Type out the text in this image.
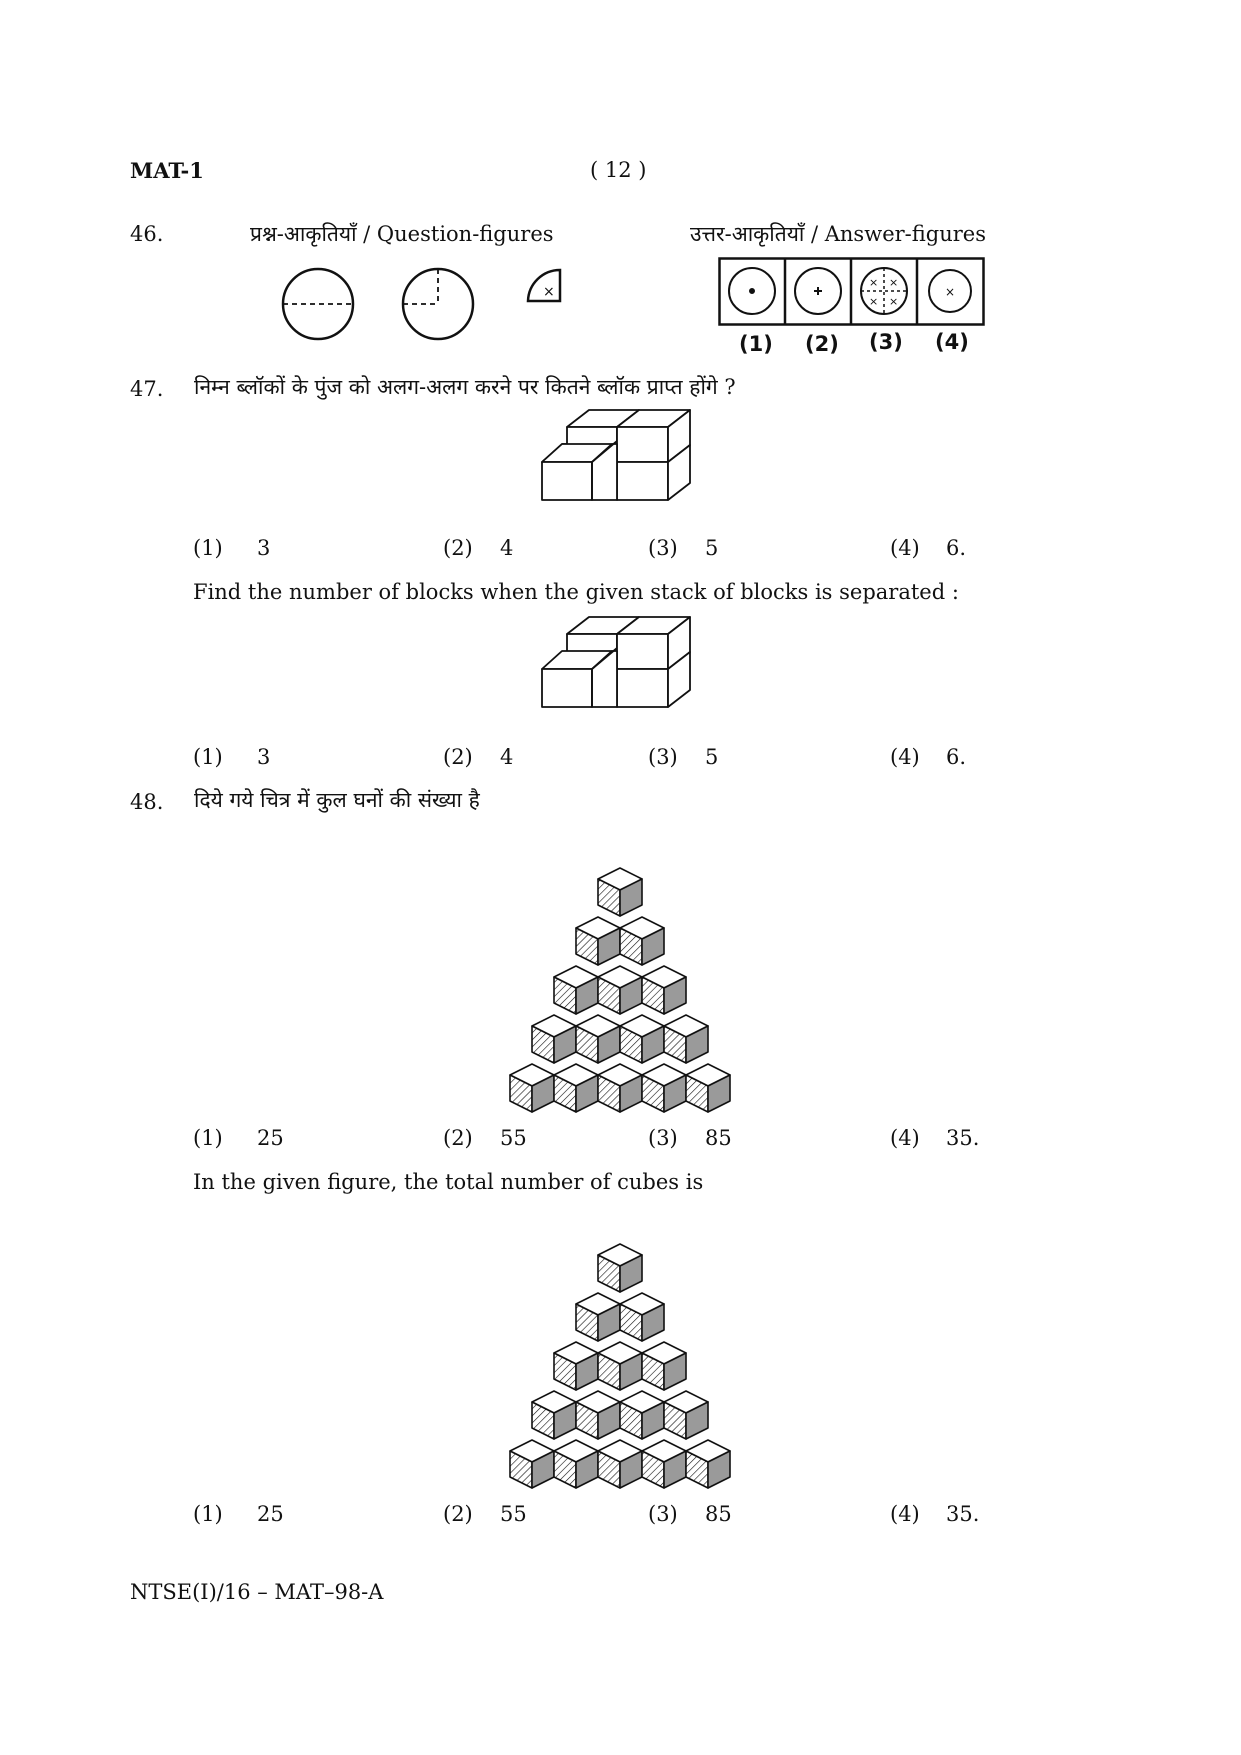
MAT-1	( 12 )
46.	प्रश्न-आकृतियाँ / Question-figures	उत्तर-आकृतियाँ / Answer-figures
×
× ×
× ×
×
(1) (2) (3) (4)
47. निम्न ब्लॉकों के पुंज को अलग-अलग करने पर कितने ब्लॉक प्राप्त होंगे ?
(1) 3	(2) 4	(3) 5	(4) 6.
Find the number of blocks when the given stack of blocks is separated :
(1) 3	(2) 4	(3) 5	(4) 6.
48. दिये गये चित्र में कुल घनों की संख्या है
(1) 25	(2) 55	(3) 85	(4) 35.
In the given figure, the total number of cubes is
(1) 25	(2) 55	(3) 85	(4) 35.
NTSE(I)/16 – MAT–98-A
